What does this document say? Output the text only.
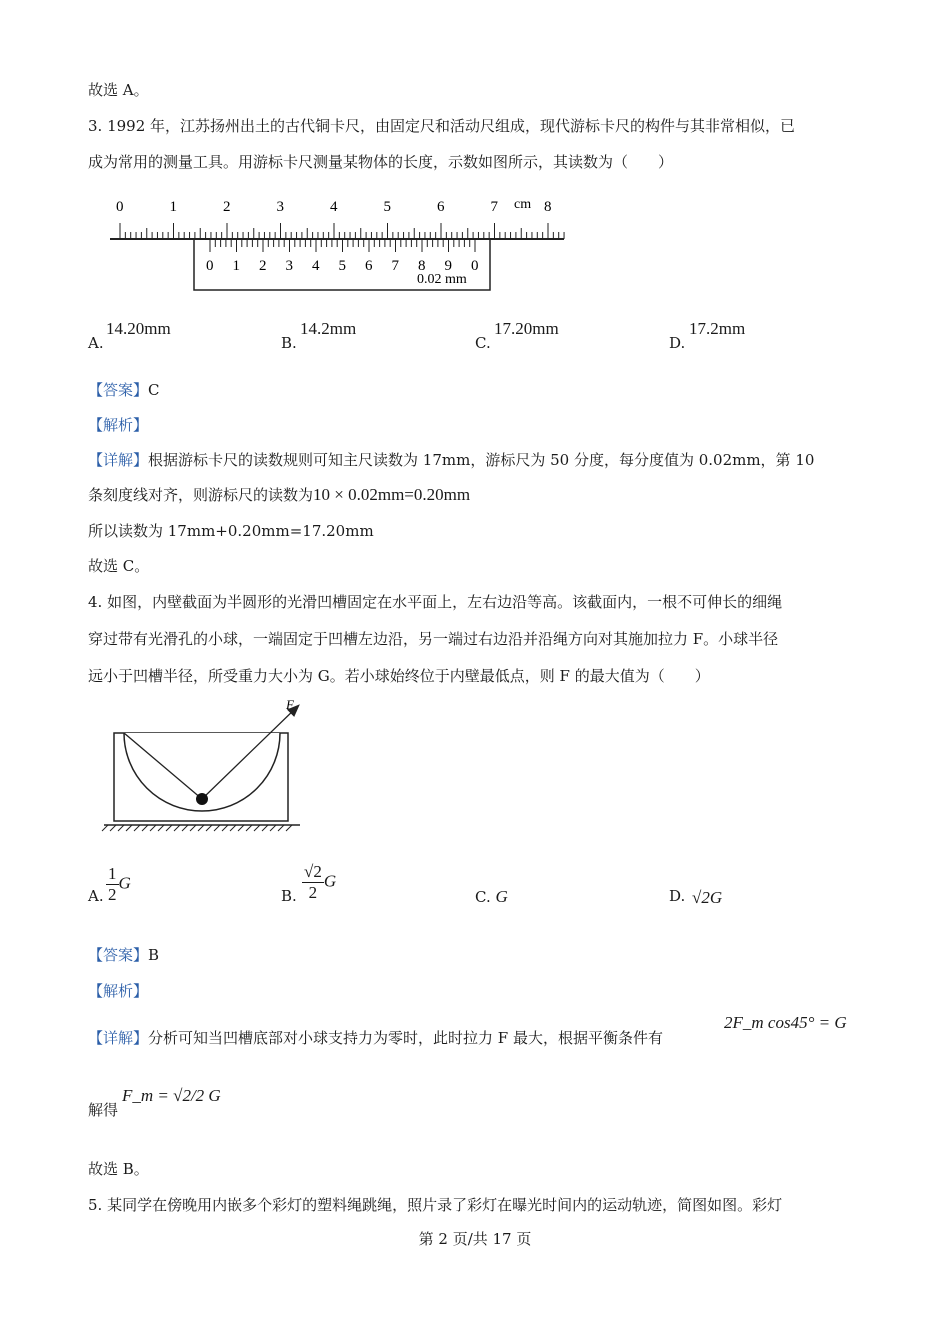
故选 A。
3. 1992 年，江苏扬州出土的古代铜卡尺，由固定尺和活动尺组成，现代游标卡尺的构件与其非常相似，已
成为常用的测量工具。用游标卡尺测量某物体的长度，示数如图所示，其读数为（　　）
0	1	2	3	4	5	6	7	8
cm
0 1 2 3 4 5 6 7 8 9 0
0.02 mm
A.
14.20mm
B.
14.2mm
C.
17.20mm
D.
17.2mm
【答案】C
【解析】
【详解】根据游标卡尺的读数规则可知主尺读数为 17mm，游标尺为 50 分度，每分度值为 0.02mm，第 10
条刻度线对齐，则游标尺的读数为10 × 0.02mm=0.20mm
所以读数为 17mm+0.20mm=17.20mm
故选 C。
4. 如图，内壁截面为半圆形的光滑凹槽固定在水平面上，左右边沿等高。该截面内，一根不可伸长的细绳
穿过带有光滑孔的小球，一端固定于凹槽左边沿，另一端过右边沿并沿绳方向对其施加拉力 F。小球半径
远小于凹槽半径，所受重力大小为 G。若小球始终位于内壁最低点，则 F 的最大值为（　　）
F
A. $\frac{1}{2}$ G
B. $\frac{√2}{2}$ G
C. G	D. √2G
【答案】B
【解析】
【详解】分析可知当凹槽底部对小球支持力为零时，此时拉力 F 最大，根据平衡条件有
2F_m cos45° = G
解得
F_m = √2/2 G
故选 B。
5. 某同学在傍晚用内嵌多个彩灯的塑料绳跳绳，照片录了彩灯在曝光时间内的运动轨迹，简图如图。彩灯
第 2 页/共 17 页
